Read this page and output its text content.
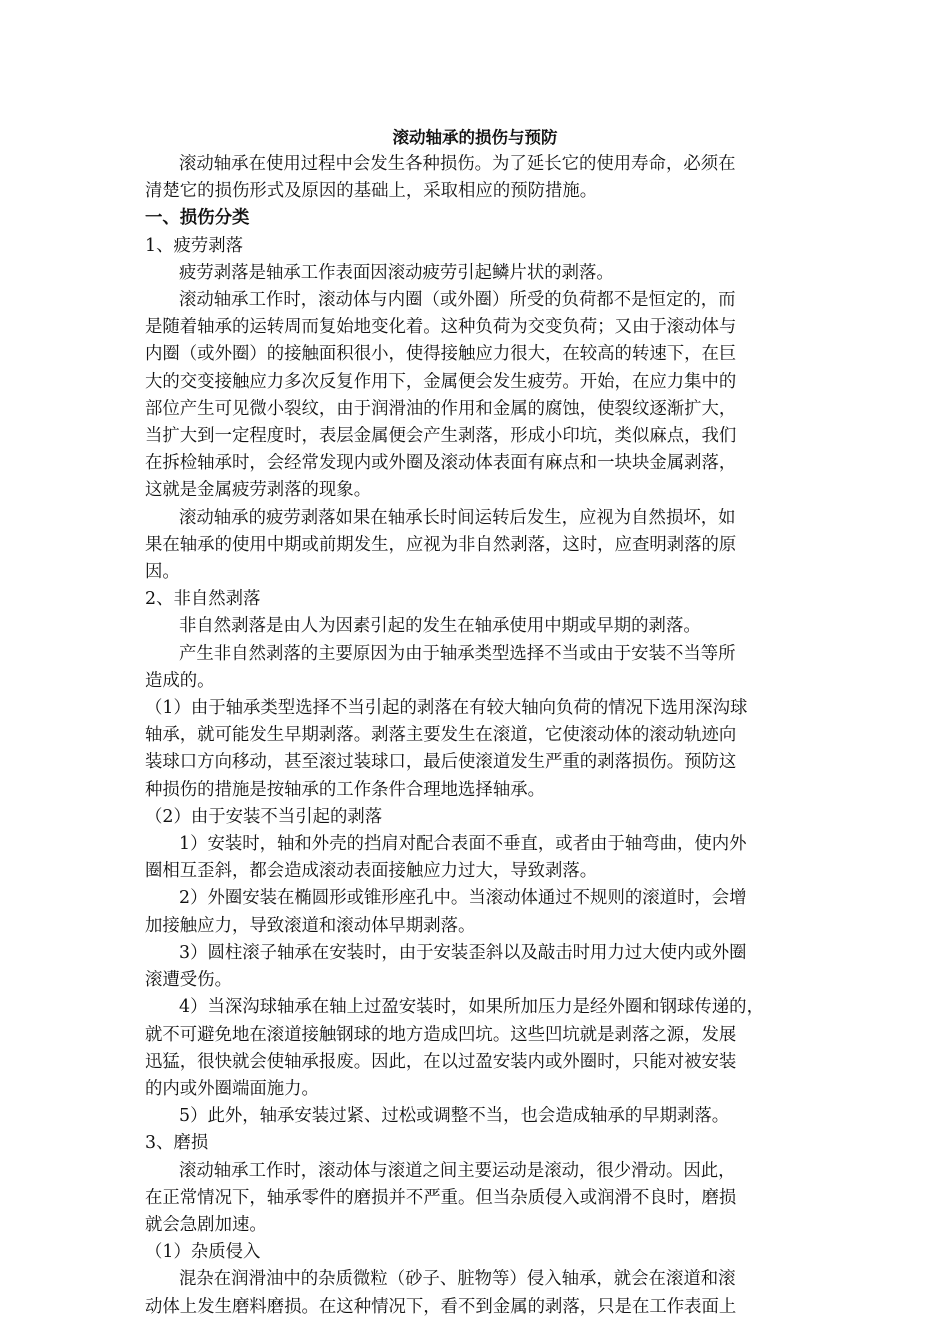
滚动轴承的损伤与预防

滚动轴承在使用过程中会发生各种损伤。为了延长它的使用寿命，必须在

清楚它的损伤形式及原因的基础上，采取相应的预防措施。

一、损伤分类

1、疲劳剥落

疲劳剥落是轴承工作表面因滚动疲劳引起鳞片状的剥落。

滚动轴承工作时，滚动体与内圈（或外圈）所受的负荷都不是恒定的，而

是随着轴承的运转周而复始地变化着。这种负荷为交变负荷；又由于滚动体与

内圈（或外圈）的接触面积很小，使得接触应力很大，在较高的转速下，在巨

大的交变接触应力多次反复作用下，金属便会发生疲劳。开始，在应力集中的

部位产生可见微小裂纹，由于润滑油的作用和金属的腐蚀，使裂纹逐渐扩大，

当扩大到一定程度时，表层金属便会产生剥落，形成小印坑，类似麻点，我们

在拆检轴承时，会经常发现内或外圈及滚动体表面有麻点和一块块金属剥落，

这就是金属疲劳剥落的现象。

滚动轴承的疲劳剥落如果在轴承长时间运转后发生，应视为自然损坏，如

果在轴承的使用中期或前期发生，应视为非自然剥落，这时，应查明剥落的原

因。

2、非自然剥落

非自然剥落是由人为因素引起的发生在轴承使用中期或早期的剥落。

产生非自然剥落的主要原因为由于轴承类型选择不当或由于安装不当等所

造成的。

（1）由于轴承类型选择不当引起的剥落在有较大轴向负荷的情况下选用深沟球

轴承，就可能发生早期剥落。剥落主要发生在滚道，它使滚动体的滚动轨迹向

装球口方向移动，甚至滚过装球口，最后使滚道发生严重的剥落损伤。预防这

种损伤的措施是按轴承的工作条件合理地选择轴承。

（2）由于安装不当引起的剥落

1）安装时，轴和外壳的挡肩对配合表面不垂直，或者由于轴弯曲，使内外

圈相互歪斜，都会造成滚动表面接触应力过大，导致剥落。

2）外圈安装在椭圆形或锥形座孔中。当滚动体通过不规则的滚道时，会增

加接触应力，导致滚道和滚动体早期剥落。

3）圆柱滚子轴承在安装时，由于安装歪斜以及敲击时用力过大使内或外圈

滚遭受伤。

4）当深沟球轴承在轴上过盈安装时，如果所加压力是经外圈和钢球传递的，

就不可避免地在滚道接触钢球的地方造成凹坑。这些凹坑就是剥落之源，发展

迅猛，很快就会使轴承报废。因此，在以过盈安装内或外圈时，只能对被安装

的内或外圈端面施力。

5）此外，轴承安装过紧、过松或调整不当，也会造成轴承的早期剥落。

3、磨损

滚动轴承工作时，滚动体与滚道之间主要运动是滚动，很少滑动。因此，

在正常情况下，轴承零件的磨损并不严重。但当杂质侵入或润滑不良时，磨损

就会急剧加速。

（1）杂质侵入

混杂在润滑油中的杂质微粒（砂子、脏物等）侵入轴承，就会在滚道和滚

动体上发生磨料磨损。在这种情况下，看不到金属的剥落，只是在工作表面上
